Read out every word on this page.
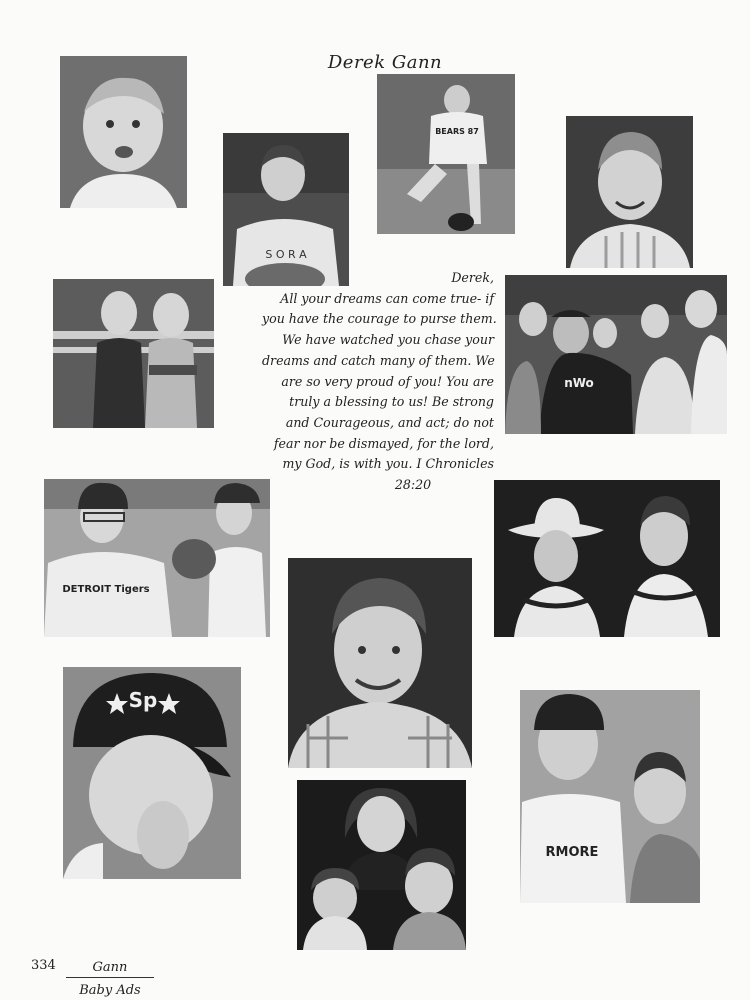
Derek Gann
S O R A
BEARS 87
Derek,
All your dreams can come true- if
you have the courage to purse them.
We have watched you chase your
dreams and catch many of them. We
are so very proud of you! You are
truly a blessing to us! Be strong
and Courageous, and act; do not
fear nor be dismayed, for the lord,
my God, is with you. I Chronicles
28:20
nWo
DETROIT Tigers
Sp
RMORE
334	Gann
Baby Ads
